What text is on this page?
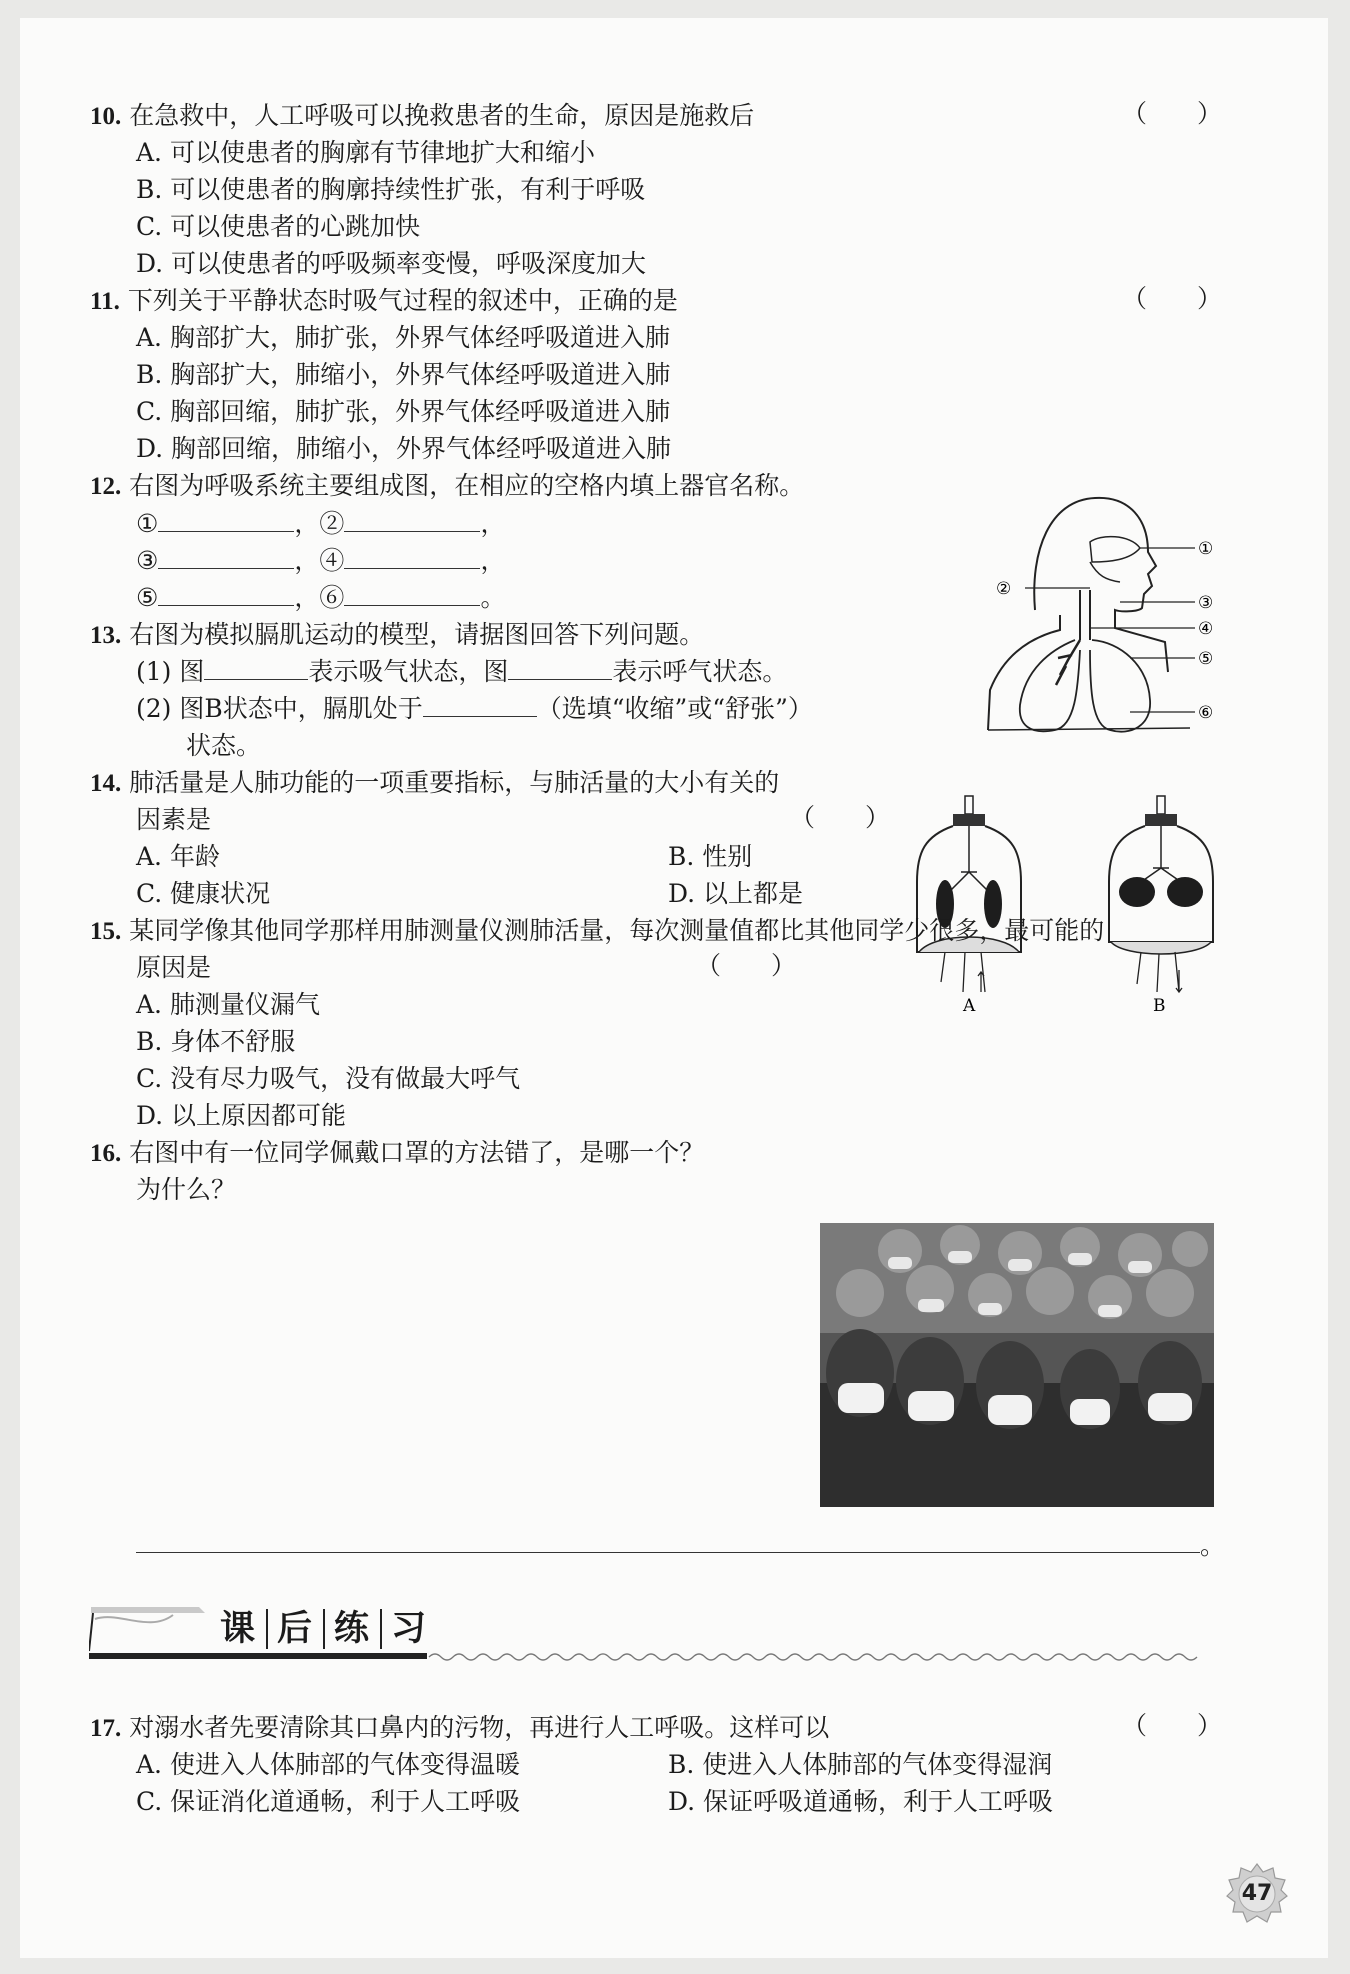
10. 在急救中，人工呼吸可以挽救患者的生命，原因是施救后	（　　）
A. 可以使患者的胸廓有节律地扩大和缩小
B. 可以使患者的胸廓持续性扩张，有利于呼吸
C. 可以使患者的心跳加快
D. 可以使患者的呼吸频率变慢，呼吸深度加大
11. 下列关于平静状态时吸气过程的叙述中，正确的是	（　　）
A. 胸部扩大，肺扩张，外界气体经呼吸道进入肺
B. 胸部扩大，肺缩小，外界气体经呼吸道进入肺
C. 胸部回缩，肺扩张，外界气体经呼吸道进入肺
D. 胸部回缩，肺缩小，外界气体经呼吸道进入肺
12. 右图为呼吸系统主要组成图，在相应的空格内填上器官名称。
①	，②	，
③	，④	，
⑤	，⑥	。
①
②
③
④
⑤
⑥
13. 右图为模拟膈肌运动的模型，请据图回答下列问题。
(1) 图	表示吸气状态，图	表示呼气状态。
(2) 图B状态中，膈肌处于	（选填“收缩”或“舒张”）
状态。
A	B
14. 肺活量是人肺功能的一项重要指标，与肺活量的大小有关的
因素是	（　　）
A. 年龄	B. 性别
C. 健康状况	D. 以上都是
15. 某同学像其他同学那样用肺测量仪测肺活量，每次测量值都比其他同学少很多，最可能的
原因是	（　　）
A. 肺测量仪漏气
B. 身体不舒服
C. 没有尽力吸气，没有做最大呼气
D. 以上原因都可能
16. 右图中有一位同学佩戴口罩的方法错了，是哪一个？
为什么？
。
课 后 练 习
17. 对溺水者先要清除其口鼻内的污物，再进行人工呼吸。这样可以	（　　）
A. 使进入人体肺部的气体变得温暖	B. 使进入人体肺部的气体变得湿润
C. 保证消化道通畅，利于人工呼吸	D. 保证呼吸道通畅，利于人工呼吸
47
